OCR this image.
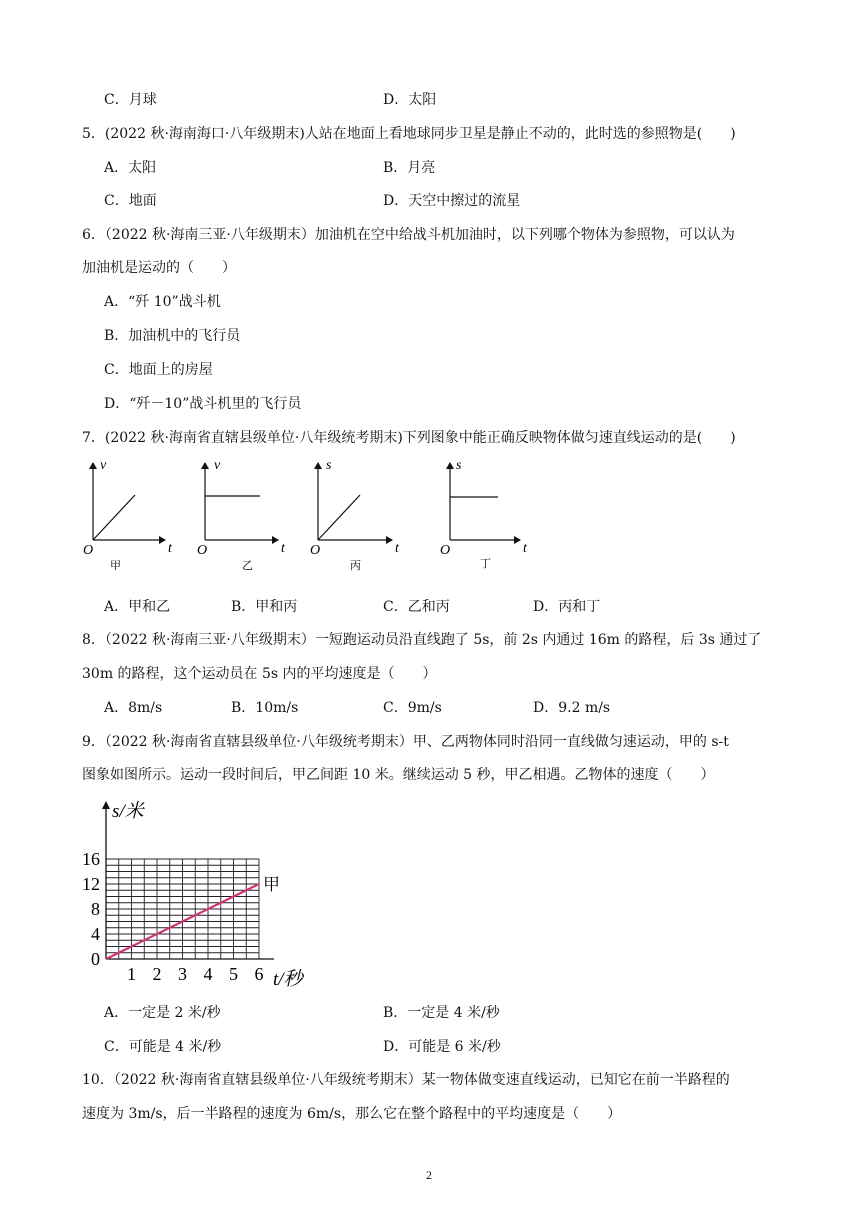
C．月球	D．太阳
5．(2022 秋·海南海口·八年级期末)人站在地面上看地球同步卫星是静止不动的，此时选的参照物是(　　)
A．太阳	B．月亮
C．地面	D．天空中擦过的流星
6．（2022 秋·海南三亚·八年级期末）加油机在空中给战斗机加油时，以下列哪个物体为参照物，可以认为
加油机是运动的（　　）
A．“歼 10”战斗机
B．加油机中的飞行员
C．地面上的房屋
D．“歼－10”战斗机里的飞行员
7．(2022 秋·海南省直辖县级单位·八年级统考期末)下列图象中能正确反映物体做匀速直线运动的是(　　)
v
t
O
甲
v
t
O
乙
s
t
O
丙
s
t
O
丁
A．甲和乙	B．甲和丙	C．乙和丙	D．丙和丁
8．（2022 秋·海南三亚·八年级期末）一短跑运动员沿直线跑了 5s，前 2s 内通过 16m 的路程，后 3s 通过了
30m 的路程，这个运动员在 5s 内的平均速度是（　　）
A．8m/s	B．10m/s	C．9m/s	D．9.2 m/s
9．（2022 秋·海南省直辖县级单位·八年级统考期末）甲、乙两物体同时沿同一直线做匀速运动，甲的 s-t
图象如图所示。运动一段时间后，甲乙间距 10 米。继续运动 5 秒，甲乙相遇。乙物体的速度（　　）
0
4
8
12
16
1 2 3 4 5 6
s/米
t/秒
甲
A．一定是 2 米/秒	B．一定是 4 米/秒
C．可能是 4 米/秒	D．可能是 6 米/秒
10．（2022 秋·海南省直辖县级单位·八年级统考期末）某一物体做变速直线运动，已知它在前一半路程的
速度为 3m/s，后一半路程的速度为 6m/s，那么它在整个路程中的平均速度是（　　）
2
